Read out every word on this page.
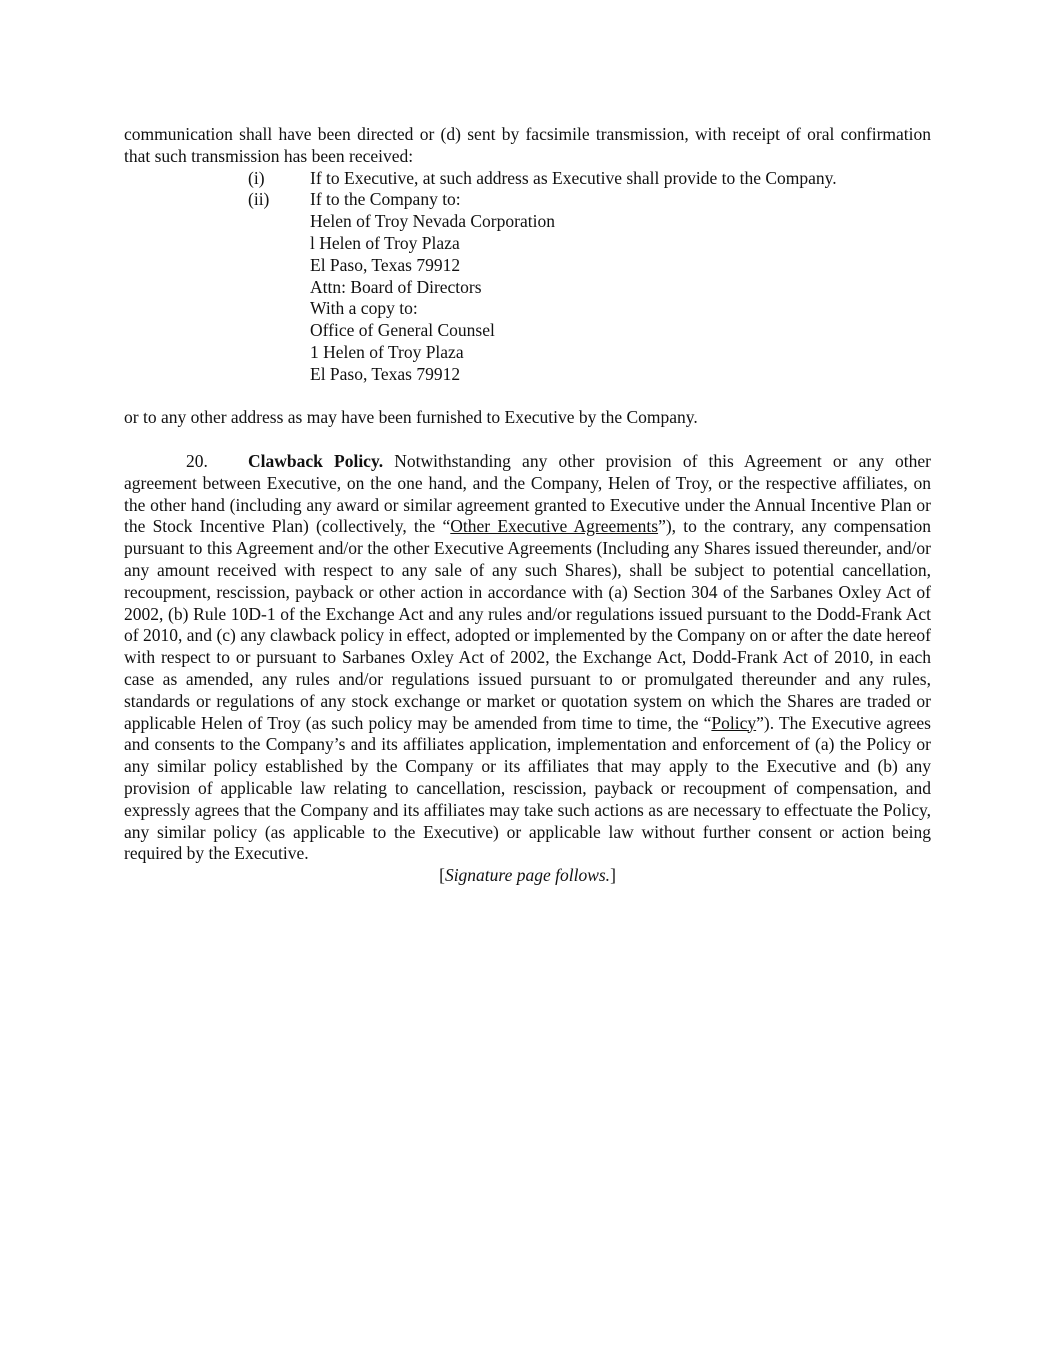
communication shall have been directed or (d) sent by facsimile transmission, with receipt of oral confirmation that such transmission has been received:

(i)	If to Executive, at such address as Executive shall provide to the Company.
(ii) If to the Company to:
Helen of Troy Nevada Corporation
l Helen of Troy Plaza
El Paso, Texas 79912
Attn: Board of Directors
With a copy to:
Office of General Counsel
1 Helen of Troy Plaza
El Paso, Texas 79912

or to any other address as may have been furnished to Executive by the Company.

20. Clawback Policy. Notwithstanding any other provision of this Agreement or any other agreement between Executive, on the one hand, and the Company, Helen of Troy, or the respective affiliates, on the other hand (including any award or similar agreement granted to Executive under the Annual Incentive Plan or the Stock Incentive Plan) (collectively, the “Other Executive Agreements”), to the contrary, any compensation pursuant to this Agreement and/or the other Executive Agreements (Including any Shares issued thereunder, and/or any amount received with respect to any sale of any such Shares), shall be subject to potential cancellation, recoupment, rescission, payback or other action in accordance with (a) Section 304 of the Sarbanes Oxley Act of 2002, (b) Rule 10D-1 of the Exchange Act and any rules and/or regulations issued pursuant to the Dodd-Frank Act of 2010, and (c) any clawback policy in effect, adopted or implemented by the Company on or after the date hereof with respect to or pursuant to Sarbanes Oxley Act of 2002, the Exchange Act, Dodd-Frank Act of 2010, in each case as amended, any rules and/or regulations issued pursuant to or promulgated thereunder and any rules, standards or regulations of any stock exchange or market or quotation system on which the Shares are traded or applicable Helen of Troy (as such policy may be amended from time to time, the “Policy”). The Executive agrees and consents to the Company’s and its affiliates application, implementation and enforcement of (a) the Policy or any similar policy established by the Company or its affiliates that may apply to the Executive and (b) any provision of applicable law relating to cancellation, rescission, payback or recoupment of compensation, and expressly agrees that the Company and its affiliates may take such actions as are necessary to effectuate the Policy, any similar policy (as applicable to the Executive) or applicable law without further consent or action being required by the Executive.

[Signature page follows.]
